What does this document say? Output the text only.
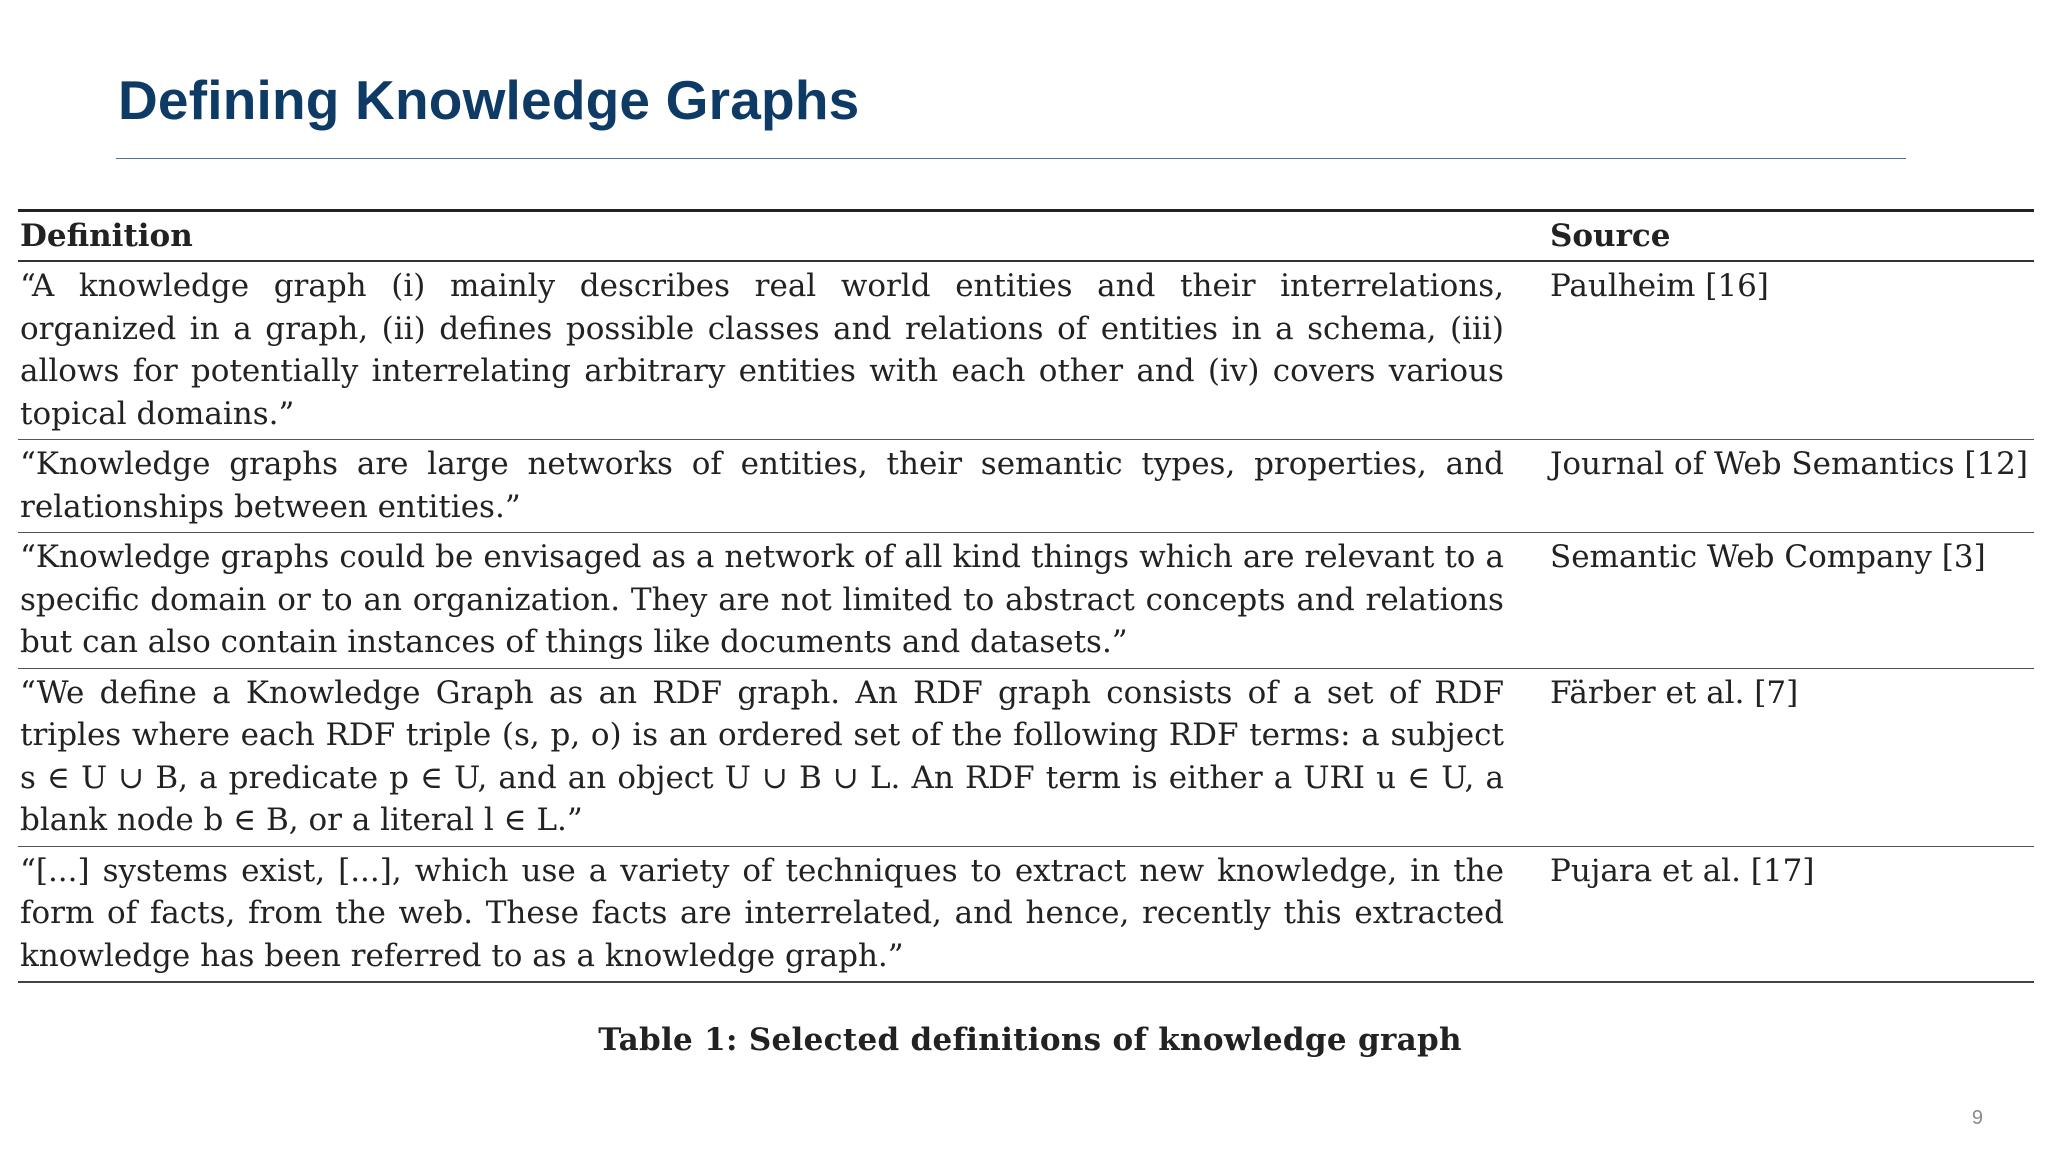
Defining Knowledge Graphs
Definition	Source
“A knowledge graph (i) mainly describes real world entities and their interrelations, organized in a graph, (ii) defines possible classes and relations of entities in a schema, (iii) allows for potentially interrelating arbitrary entities with each other and (iv) covers various topical domains.”	Paulheim [16]
“Knowledge graphs are large networks of entities, their semantic types, properties, and relationships between entities.”	Journal of Web Semantics [12]
“Knowledge graphs could be envisaged as a network of all kind things which are relevant to a specific domain or to an organization. They are not limited to abstract concepts and relations but can also contain instances of things like documents and datasets.”	Semantic Web Company [3]
“We define a Knowledge Graph as an RDF graph. An RDF graph consists of a set of RDF triples where each RDF triple (s, p, o) is an ordered set of the following RDF terms: a subject s ∈ U ∪ B, a predicate p ∈ U, and an object U ∪ B ∪ L. An RDF term is either a URI u ∈ U, a blank node b ∈ B, or a literal l ∈ L.”	Färber et al. [7]
“[...] systems exist, [...], which use a variety of techniques to extract new knowledge, in the form of facts, from the web. These facts are interrelated, and hence, recently this extracted knowledge has been referred to as a knowledge graph.”	Pujara et al. [17]
Table 1: Selected definitions of knowledge graph
9
